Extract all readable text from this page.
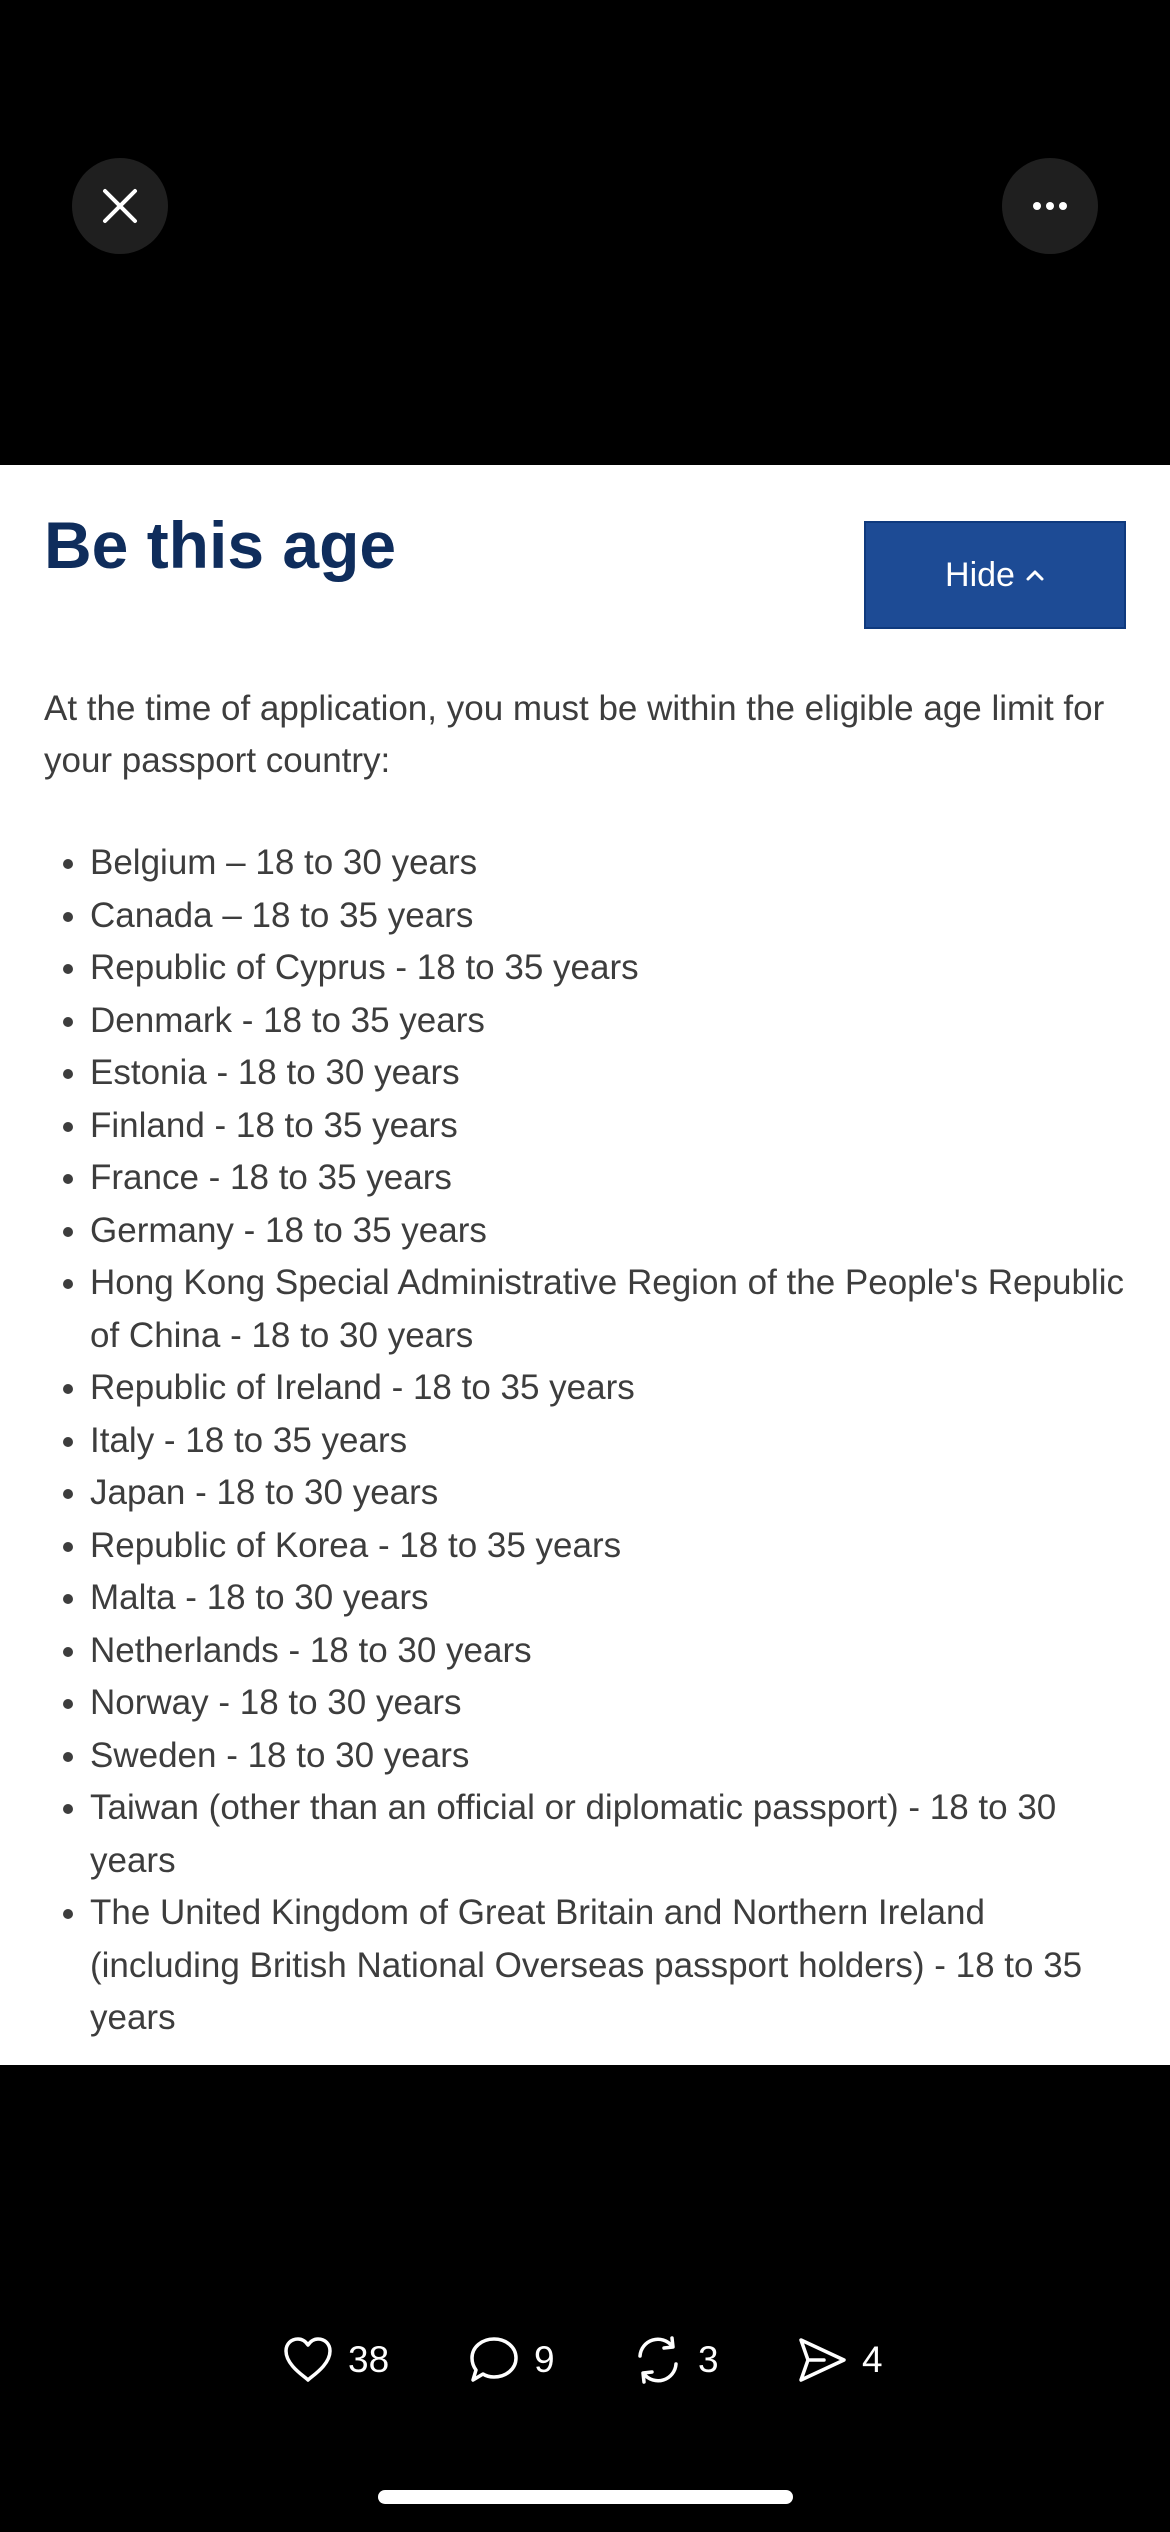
Be this age	Hide

At the time of application, you must be within the eligible age limit for your passport country:

• Belgium – 18 to 30 years
• Canada – 18 to 35 years
• Republic of Cyprus - 18 to 35 years
• Denmark - 18 to 35 years
• Estonia - 18 to 30 years
• Finland - 18 to 35 years
• France - 18 to 35 years
• Germany - 18 to 35 years
• Hong Kong Special Administrative Region of the People's Republic of China - 18 to 30 years
• Republic of Ireland - 18 to 35 years
• Italy - 18 to 35 years
• Japan - 18 to 30 years
• Republic of Korea - 18 to 35 years
• Malta - 18 to 30 years
• Netherlands - 18 to 30 years
• Norway - 18 to 30 years
• Sweden - 18 to 30 years
• Taiwan (other than an official or diplomatic passport) - 18 to 30 years
• The United Kingdom of Great Britain and Northern Ireland (including British National Overseas passport holders) - 18 to 35 years
38	9	3	4
